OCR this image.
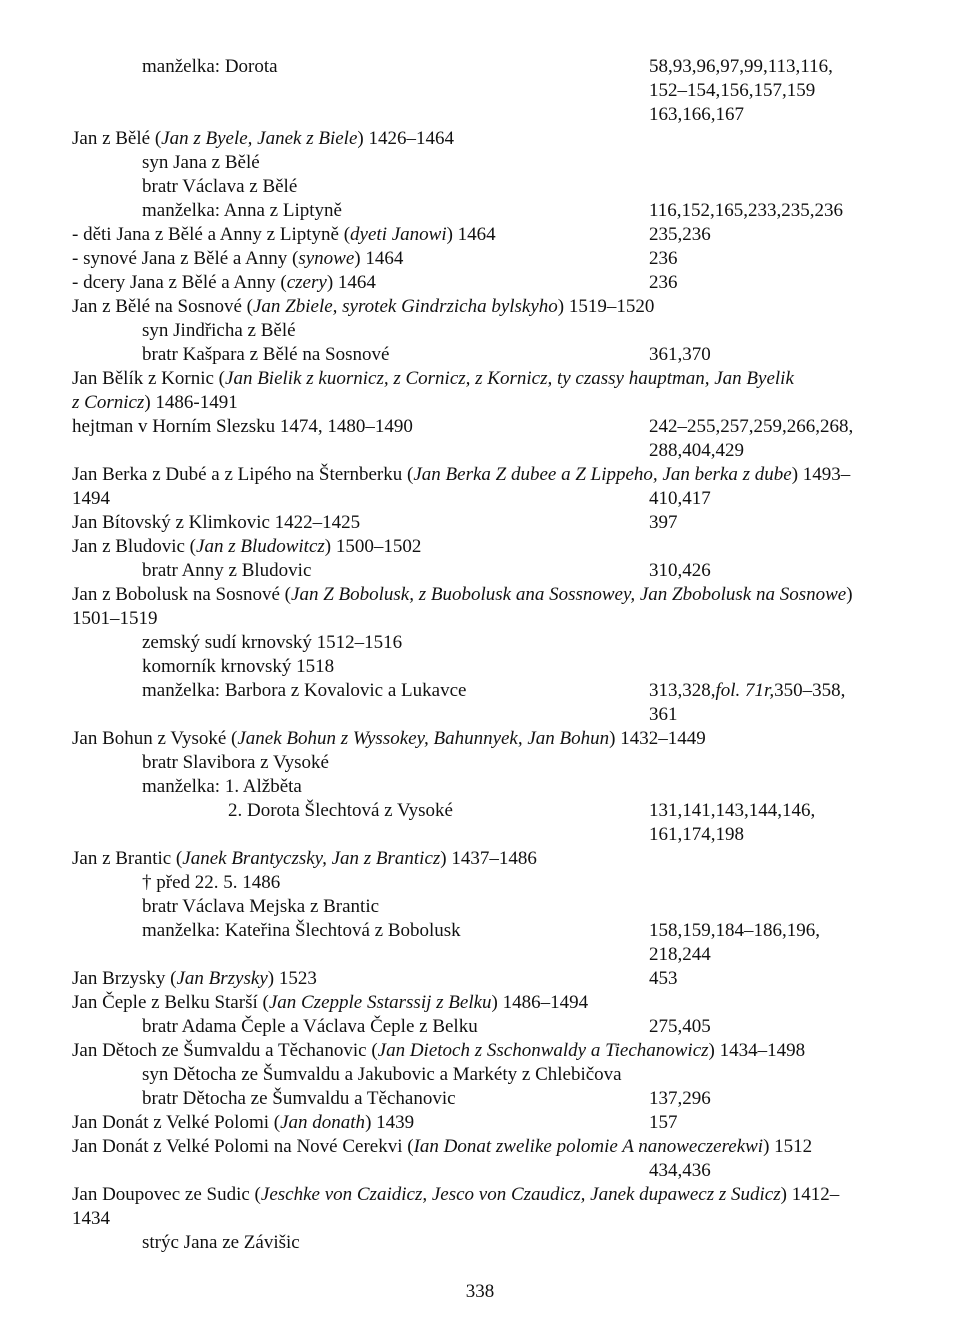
manželka: Dorota	58,93,96,97,99,113,116,
152–154,156,157,159
163,166,167
Jan z Bělé (Jan z Byele, Janek z Biele) 1426–1464
syn Jana z Bělé
bratr Václava z Bělé
manželka: Anna z Liptyně	116,152,165,233,235,236
- děti Jana z Bělé a Anny z Liptyně (dyeti Janowi) 1464	235,236
- synové Jana z Bělé a Anny (synowe) 1464	236
- dcery Jana z Bělé a Anny (czery) 1464	236
Jan z Bělé na Sosnové (Jan Zbiele, syrotek Gindrzicha bylskyho) 1519–1520
syn Jindřicha z Bělé
bratr Kašpara z Bělé na Sosnové	361,370
Jan Bělík z Kornic (Jan Bielik z kuornicz, z Cornicz, z Kornicz, ty czassy hauptman, Jan Byelik
z Cornicz) 1486-1491
hejtman v Horním Slezsku 1474, 1480–1490	242–255,257,259,266,268,
288,404,429
Jan Berka z Dubé a z Lipého na Šternberku (Jan Berka Z dubee a Z Lippeho, Jan berka z dube) 1493–
1494	410,417
Jan Bítovský z Klimkovic 1422–1425	397
Jan z Bludovic (Jan z Bludowitcz) 1500–1502
bratr Anny z Bludovic	310,426
Jan z Bobolusk na Sosnové (Jan Z Bobolusk, z Buobolusk ana Sossnowey, Jan Zbobolusk na Sosnowe)
1501–1519
zemský sudí krnovský 1512–1516
komorník krnovský 1518
manželka: Barbora z Kovalovic a Lukavce	313,328,fol. 71r,350–358,
361
Jan Bohun z Vysoké (Janek Bohun z Wyssokey, Bahunnyek, Jan Bohun) 1432–1449
bratr Slavibora z Vysoké
manželka: 1. Alžběta
2. Dorota Šlechtová z Vysoké	131,141,143,144,146,
161,174,198
Jan z Brantic (Janek Brantyczsky, Jan z Branticz) 1437–1486
† před 22. 5. 1486
bratr Václava Mejska z Brantic
manželka: Kateřina Šlechtová z Bobolusk	158,159,184–186,196,
218,244
Jan Brzysky (Jan Brzysky) 1523	453
Jan Čeple z Belku Starší (Jan Czepple Sstarssij z Belku) 1486–1494
bratr Adama Čeple a Václava Čeple z Belku	275,405
Jan Dětoch ze Šumvaldu a Těchanovic (Jan Dietoch z Sschonwaldy a Tiechanowicz) 1434–1498
syn Dětocha ze Šumvaldu a Jakubovic a Markéty z Chlebičova
bratr Dětocha ze Šumvaldu a Těchanovic	137,296
Jan Donát z Velké Polomi (Jan donath) 1439	157
Jan Donát z Velké Polomi na Nové Cerekvi (Ian Donat zwelike polomie A nanoweczerekwi) 1512
434,436
Jan Doupovec ze Sudic (Jeschke von Czaidicz, Jesco von Czaudicz, Janek dupawecz z Sudicz) 1412–
1434
strýc Jana ze Závišic
338
